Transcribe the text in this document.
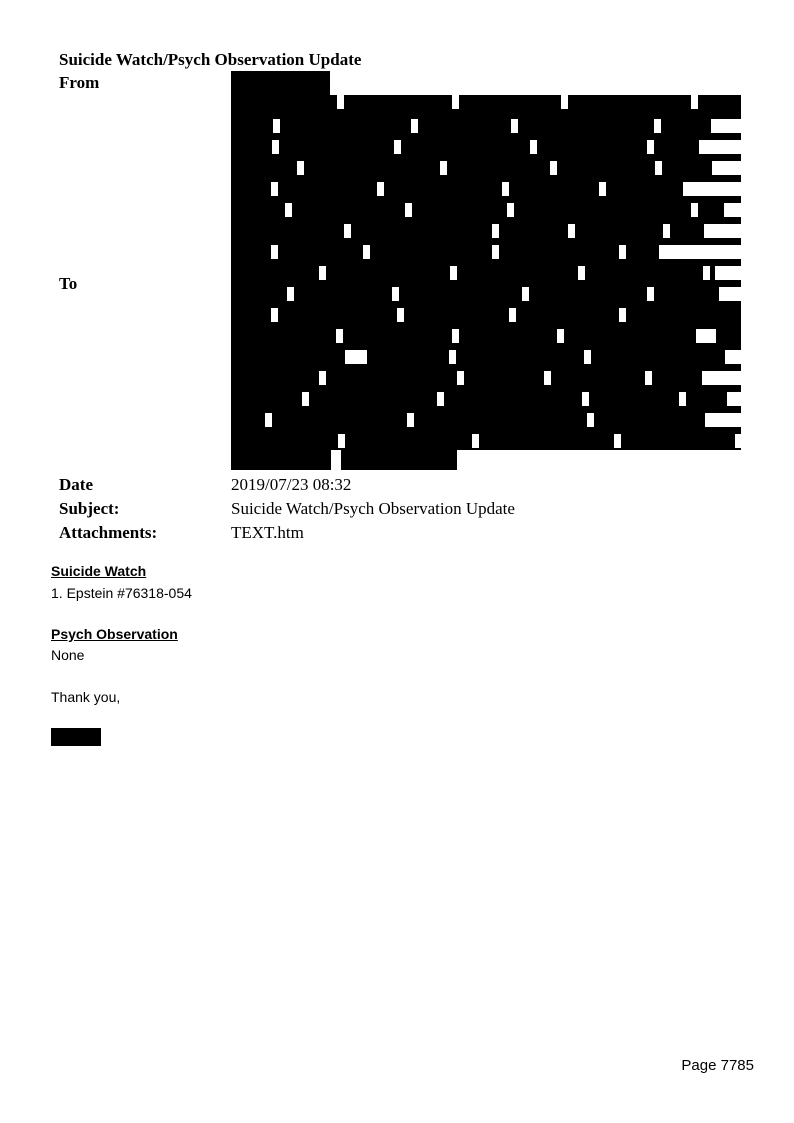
Suicide Watch/Psych Observation Update
From
To
Date	2019/07/23 08:32
Subject:	Suicide Watch/Psych Observation Update
Attachments:	TEXT.htm
Suicide Watch
1. Epstein #76318-054
Psych Observation
None
Thank you,
Page 7785
